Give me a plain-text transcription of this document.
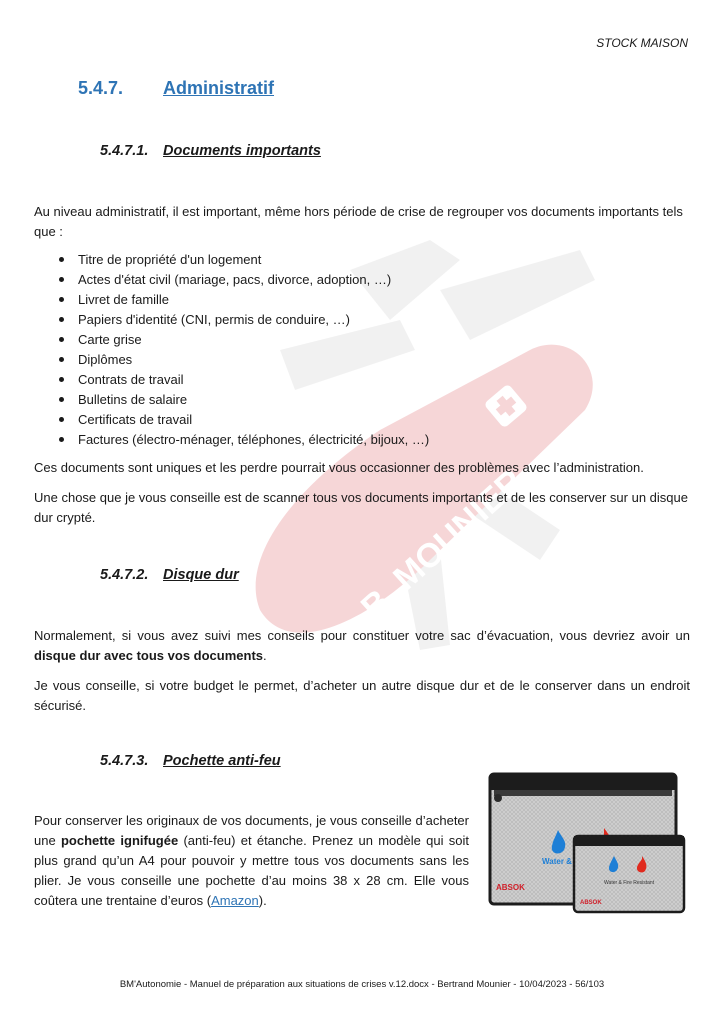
STOCK MAISON
B. MOUNIER
5.4.7. Administratif
5.4.7.1. Documents importants
Au niveau administratif, il est important, même hors période de crise de regrouper vos documents importants tels que :
Titre de propriété d'un logement
Actes d'état civil (mariage, pacs, divorce, adoption, …)
Livret de famille
Papiers d'identité (CNI, permis de conduire, …)
Carte grise
Diplômes
Contrats de travail
Bulletins de salaire
Certificats de travail
Factures (électro-ménager, téléphones, électricité, bijoux, …)
Ces documents sont uniques et les perdre pourrait vous occasionner des problèmes avec l’administration.
Une chose que je vous conseille est de scanner tous vos documents importants et de les conserver sur un disque dur crypté.
5.4.7.2. Disque dur
Normalement, si vous avez suivi mes conseils pour constituer votre sac d’évacuation, vous devriez avoir un disque dur avec tous vos documents.
Je vous conseille, si votre budget le permet, d’acheter un autre disque dur et de le conserver dans un endroit sécurisé.
5.4.7.3. Pochette anti-feu
Pour conserver les originaux de vos documents, je vous conseille d’acheter une pochette ignifugée (anti-feu) et étanche. Prenez un modèle qui soit plus grand qu’un A4 pour pouvoir y mettre tous vos documents sans les plier. Je vous conseille une pochette d’au moins 38 x 28 cm. Elle vous coûtera une trentaine d’euros (Amazon).
Water &
ABSOK	Water & Fire Resistant
ABSOK
BM'Autonomie - Manuel de préparation aux situations de crises v.12.docx - Bertrand Mounier - 10/04/2023 - 56/103
